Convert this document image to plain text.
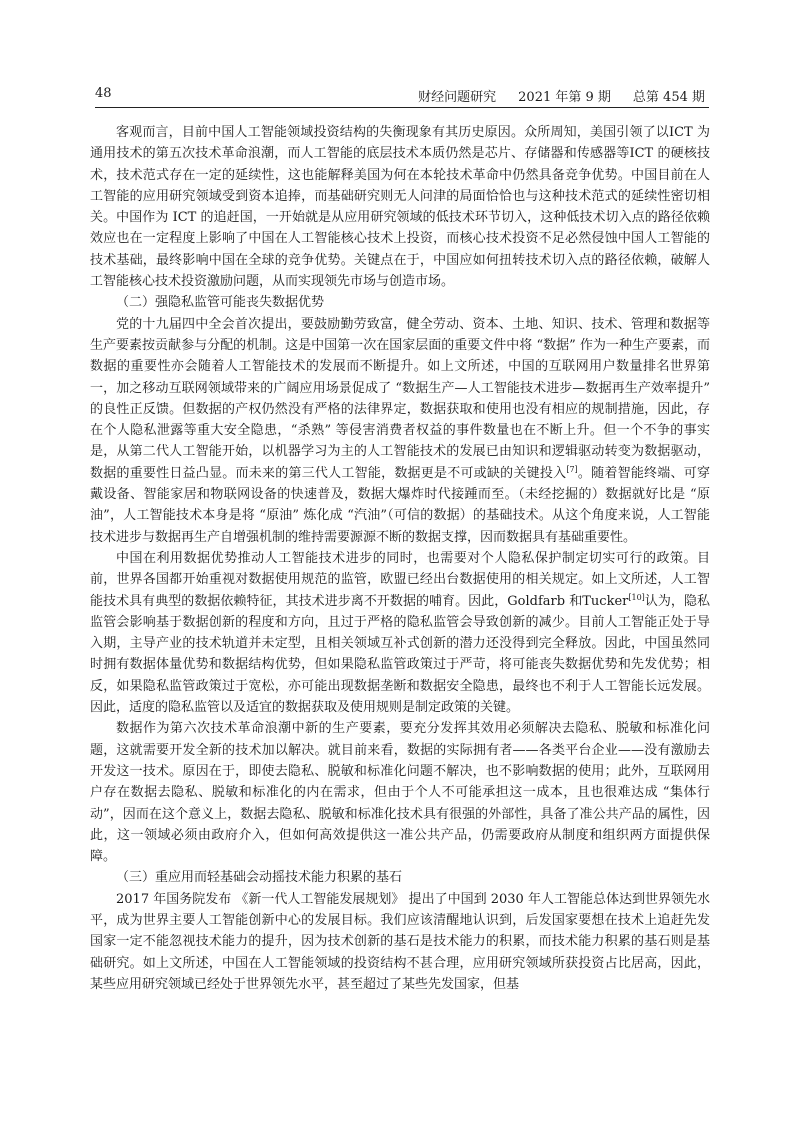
48	财经问题研究 2021 年第 9 期 总第 454 期

客观而言，目前中国人工智能领域投资结构的失衡现象有其历史原因。众所周知，美国引领了以ICT 为通用技术的第五次技术革命浪潮，而人工智能的底层技术本质仍然是芯片、存储器和传感器等ICT 的硬核技术，技术范式存在一定的延续性，这也能解释美国为何在本轮技术革命中仍然具备竞争优势。中国目前在人工智能的应用研究领域受到资本追捧，而基础研究则无人问津的局面恰恰也与这种技术范式的延续性密切相关。中国作为 ICT 的追赶国，一开始就是从应用研究领域的低技术环节切入，这种低技术切入点的路径依赖效应也在一定程度上影响了中国在人工智能核心技术上投资，而核心技术投资不足必然侵蚀中国人工智能的技术基础，最终影响中国在全球的竞争优势。关键点在于，中国应如何扭转技术切入点的路径依赖，破解人工智能核心技术投资激励问题，从而实现领先市场与创造市场。

（二）强隐私监管可能丧失数据优势

党的十九届四中全会首次提出，要鼓励勤劳致富，健全劳动、资本、土地、知识、技术、管理和数据等生产要素按贡献参与分配的机制。这是中国第一次在国家层面的重要文件中将 “数据” 作为一种生产要素，而数据的重要性亦会随着人工智能技术的发展而不断提升。如上文所述，中国的互联网用户数量排名世界第一，加之移动互联网领域带来的广阔应用场景促成了 “数据生产—人工智能技术进步—数据再生产效率提升” 的良性正反馈。但数据的产权仍然没有严格的法律界定，数据获取和使用也没有相应的规制措施，因此，存在个人隐私泄露等重大安全隐患，“杀熟” 等侵害消费者权益的事件数量也在不断上升。但一个不争的事实是，从第二代人工智能开始，以机器学习为主的人工智能技术的发展已由知识和逻辑驱动转变为数据驱动，数据的重要性日益凸显。而未来的第三代人工智能，数据更是不可或缺的关键投入[7]。随着智能终端、可穿戴设备、智能家居和物联网设备的快速普及，数据大爆炸时代接踵而至。（未经挖掘的）数据就好比是 “原油”，人工智能技术本身是将 “原油” 炼化成 “汽油”（可信的数据）的基础技术。从这个角度来说，人工智能技术进步与数据再生产自增强机制的维持需要源源不断的数据支撑，因而数据具有基础重要性。

中国在利用数据优势推动人工智能技术进步的同时，也需要对个人隐私保护制定切实可行的政策。目前，世界各国都开始重视对数据使用规范的监管，欧盟已经出台数据使用的相关规定。如上文所述，人工智能技术具有典型的数据依赖特征，其技术进步离不开数据的哺育。因此，Goldfarb 和Tucker[10]认为，隐私监管会影响基于数据创新的程度和方向，且过于严格的隐私监管会导致创新的减少。目前人工智能正处于导入期，主导产业的技术轨道并未定型，且相关领域互补式创新的潜力还没得到完全释放。因此，中国虽然同时拥有数据体量优势和数据结构优势，但如果隐私监管政策过于严苛，将可能丧失数据优势和先发优势；相反，如果隐私监管政策过于宽松，亦可能出现数据垄断和数据安全隐患，最终也不利于人工智能长远发展。因此，适度的隐私监管以及适宜的数据获取及使用规则是制定政策的关键。

数据作为第六次技术革命浪潮中新的生产要素，要充分发挥其效用必须解决去隐私、脱敏和标准化问题，这就需要开发全新的技术加以解决。就目前来看，数据的实际拥有者——各类平台企业——没有激励去开发这一技术。原因在于，即使去隐私、脱敏和标准化问题不解决，也不影响数据的使用；此外，互联网用户存在数据去隐私、脱敏和标准化的内在需求，但由于个人不可能承担这一成本，且也很难达成 “集体行动”，因而在这个意义上，数据去隐私、脱敏和标准化技术具有很强的外部性，具备了准公共产品的属性，因此，这一领域必须由政府介入，但如何高效提供这一准公共产品，仍需要政府从制度和组织两方面提供保障。

（三）重应用而轻基础会动摇技术能力积累的基石

2017 年国务院发布 《新一代人工智能发展规划》 提出了中国到 2030 年人工智能总体达到世界领先水平，成为世界主要人工智能创新中心的发展目标。我们应该清醒地认识到，后发国家要想在技术上追赶先发国家一定不能忽视技术能力的提升，因为技术创新的基石是技术能力的积累，而技术能力积累的基石则是基础研究。如上文所述，中国在人工智能领域的投资结构不甚合理，应用研究领域所获投资占比居高，因此，某些应用研究领域已经处于世界领先水平，甚至超过了某些先发国家，但基
